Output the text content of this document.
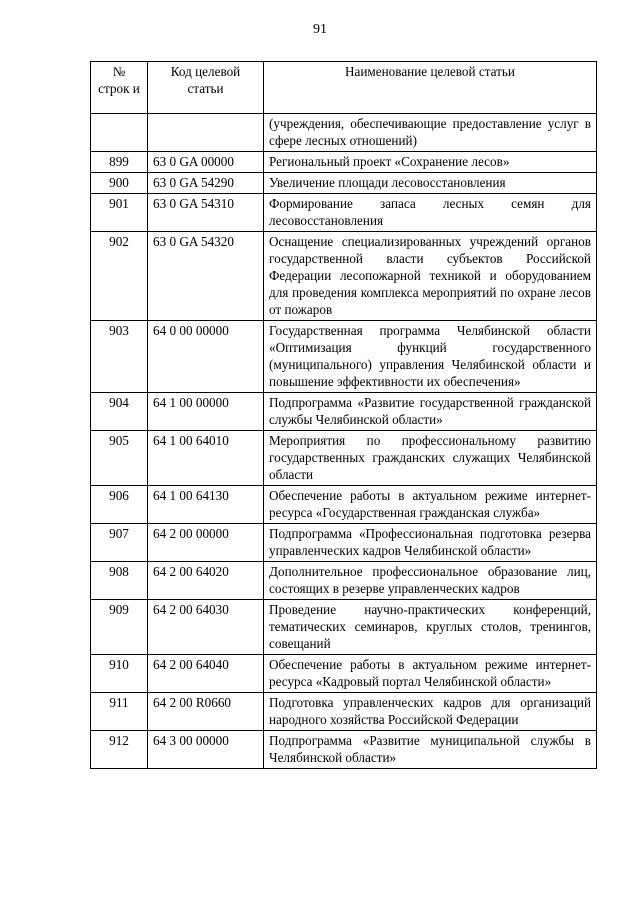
91
№ строк и	Код целевой статьи	Наименование целевой статьи
		(учреждения, обеспечивающие предоставление услуг в сфере лесных отношений)
899	63 0 GA 00000	Региональный проект «Сохранение лесов»
900	63 0 GA 54290	Увеличение площади лесовосстановления
901	63 0 GA 54310	Формирование запаса лесных семян для лесовосстановления
902	63 0 GA 54320	Оснащение специализированных учреждений органов государственной власти субъектов Российской Федерации лесопожарной техникой и оборудованием для проведения комплекса мероприятий по охране лесов от пожаров
903	64 0 00 00000	Государственная программа Челябинской области «Оптимизация функций государственного (муниципального) управления Челябинской области и повышение эффективности их обеспечения»
904	64 1 00 00000	Подпрограмма «Развитие государственной гражданской службы Челябинской области»
905	64 1 00 64010	Мероприятия по профессиональному развитию государственных гражданских служащих Челябинской области
906	64 1 00 64130	Обеспечение работы в актуальном режиме интернет-ресурса «Государственная гражданская служба»
907	64 2 00 00000	Подпрограмма «Профессиональная подготовка резерва управленческих кадров Челябинской области»
908	64 2 00 64020	Дополнительное профессиональное образование лиц, состоящих в резерве управленческих кадров
909	64 2 00 64030	Проведение научно-практических конференций, тематических семинаров, круглых столов, тренингов, совещаний
910	64 2 00 64040	Обеспечение работы в актуальном режиме интернет-ресурса «Кадровый портал Челябинской области»
911	64 2 00 R0660	Подготовка управленческих кадров для организаций народного хозяйства Российской Федерации
912	64 3 00 00000	Подпрограмма «Развитие муниципальной службы в Челябинской области»
